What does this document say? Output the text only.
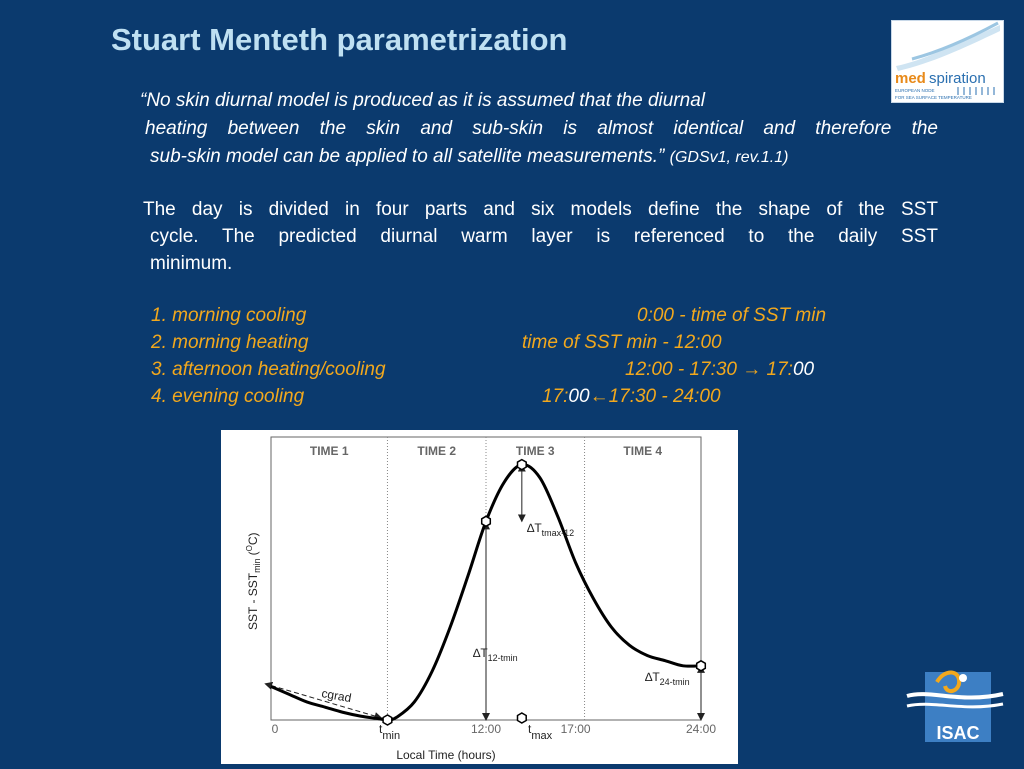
Stuart Menteth parametrization
med spiration
EUROPEAN NODE
FOR SEA SURFACE TEMPERATURE
“No skin diurnal model is produced as it is assumed that the diurnal
heating between the skin and sub-skin is almost identical and therefore the
sub-skin model can be applied to all satellite measurements.” (GDSv1, rev.1.1)
The day is divided in four parts and six models define the shape of the SST
cycle. The predicted diurnal warm layer is referenced to the daily SST
minimum.
1. morning cooling	0:00 - time of SST min
2. morning heating	time of SST min - 12:00
3. afternoon heating/cooling	12:00 - 17:30 → 17:00
4. evening cooling	17:00←17:30 - 24:00
TIME 1	TIME 2	TIME 3	TIME 4
0	12:00	17:00	24:00
Local Time (hours)
SST - $SST_{min}(^OC)$
tmin	tmax
cgrad
$\Delta T_{12-tmin}$
$\Delta T_{tmax-12}$
$\Delta T_{24-tmin}$
ISAC
